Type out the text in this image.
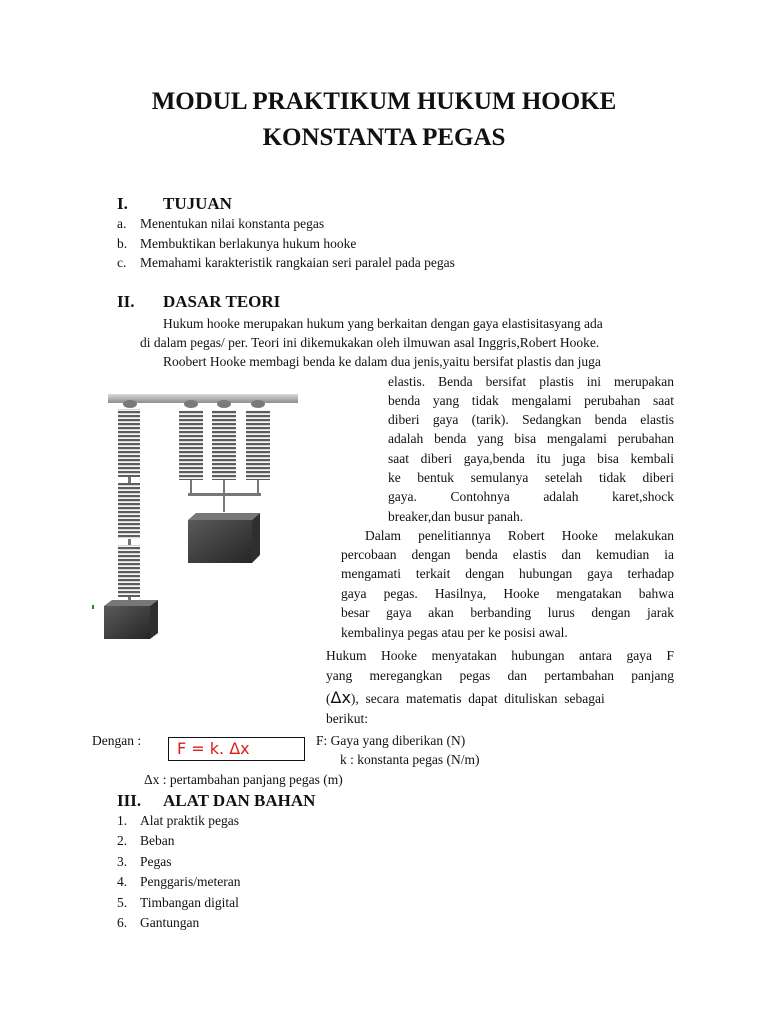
MODUL PRAKTIKUM HUKUM HOOKE
KONSTANTA PEGAS
I. TUJUAN
a. Menentukan nilai konstanta pegas
b. Membuktikan berlakunya hukum hooke
c. Memahami karakteristik rangkaian seri paralel pada pegas
II. DASAR TEORI
Hukum hooke merupakan hukum yang berkaitan dengan gaya elastisitasyang ada
di dalam pegas/ per. Teori ini dikemukakan oleh ilmuwan asal Inggris,Robert Hooke.
Roobert Hooke membagi benda ke dalam dua jenis,yaitu bersifat plastis dan juga
elastis. Benda bersifat plastis ini merupakan
benda yang tidak mengalami perubahan saat
diberi gaya (tarik). Sedangkan benda elastis
adalah benda yang bisa mengalami perubahan
saat diberi gaya,benda itu juga bisa kembali
ke bentuk semulanya setelah tidak diberi
gaya. Contohnya adalah karet,shock
breaker,dan busur panah.
Dalam penelitiannya Robert Hooke melakukan
percobaan dengan benda elastis dan kemudian ia
mengamati terkait dengan hubungan gaya terhadap
gaya pegas. Hasilnya, Hooke mengatakan bahwa
besar gaya akan berbanding lurus dengan jarak
kembalinya pegas atau per ke posisi awal.
Hukum Hooke menyatakan hubungan antara gaya F
yang meregangkan pegas dan pertambahan panjang
(Δx),  secara  matematis  dapat  dituliskan  sebagai
berikut:
Dengan : F = k. Δx	F: Gaya yang diberikan (N)
k : konstanta pegas (N/m)
Δx : pertambahan panjang pegas (m)
III. ALAT DAN BAHAN
1. Alat praktik pegas
2. Beban
3. Pegas
4. Penggaris/meteran
5. Timbangan digital
6. Gantungan
